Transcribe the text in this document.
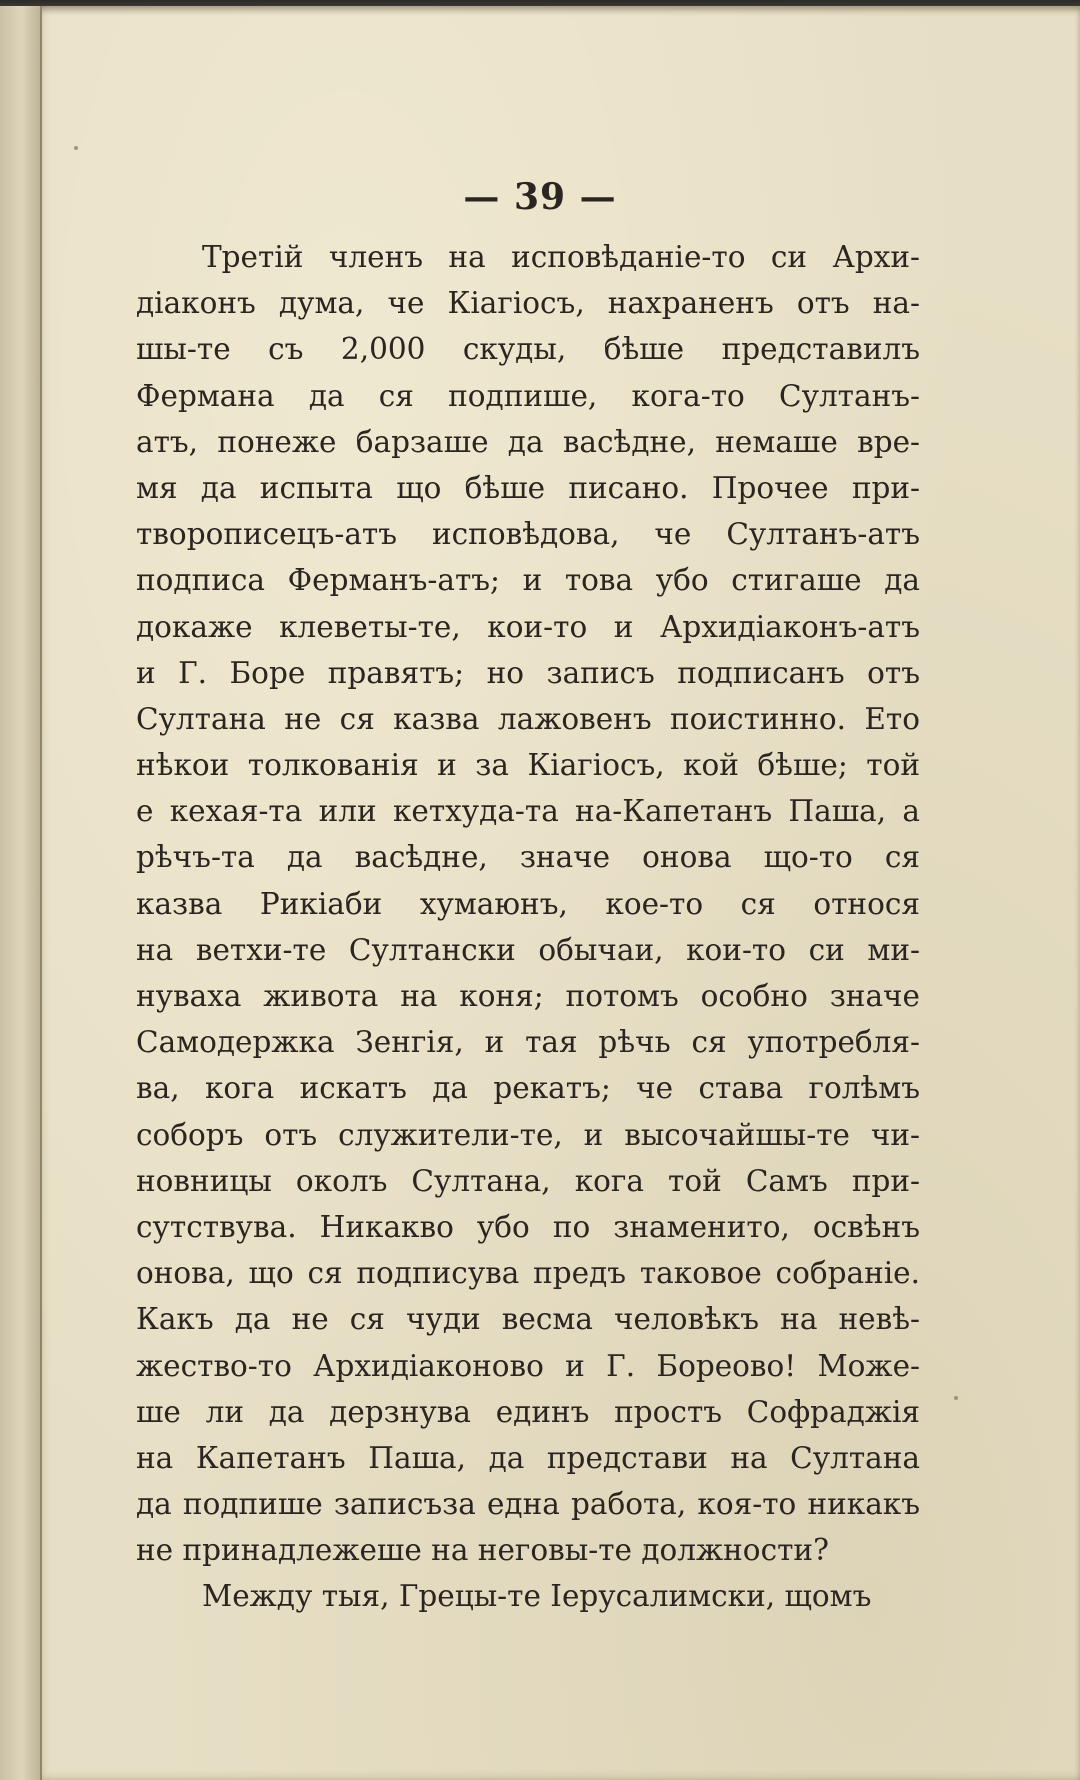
— 39 —
Третій членъ на исповѣданіе-то си Архи-
діаконъ дума, че Кіагіосъ, нахраненъ отъ на-
шы-те съ 2,000 скуды, бѣше представилъ
Фермана да ся подпише, кога-то Султанъ-
атъ, понеже барзаше да васѣдне, немаше вре-
мя да испыта що бѣше писано. Прочее при-
творописецъ-атъ исповѣдова, че Султанъ-атъ
подписа Ферманъ-атъ; и това убо стигаше да
докаже клеветы-те, кои-то и Архидіаконъ-атъ
и Г. Боре правятъ; но записъ подписанъ отъ
Султана не ся казва лажовенъ поистинно. Ето
нѣкои толкованія и за Кіагіосъ, кой бѣше; той
е кехая-та или кетхуда-та на-Капетанъ Паша, а
рѣчъ-та да васѣдне, значе онова що-то ся
казва Рикіаби хумаюнъ, кое-то ся относя
на ветхи-те Султански обычаи, кои-то си ми-
нуваха живота на коня; потомъ особно значе
Самодержка Зенгія, и тая рѣчь ся употребля-
ва, кога искатъ да рекатъ; че става голѣмъ
соборъ отъ служители-те, и высочайшы-те чи-
новницы околъ Султана, кога той Самъ при-
сутствува. Никакво убо по знаменито, освѣнъ
онова, що ся подписува предъ таковое собраніе.
Какъ да не ся чуди весма человѣкъ на невѣ-
жество-то Архидіаконово и Г. Бореово! Може-
ше ли да дерзнува единъ простъ Софраджія
на Капетанъ Паша, да представи на Султана
да подпише записъза една работа, коя-то никакъ
не принадлежеше на неговы-те должности?
Между тыя, Грецы-те Іерусалимски, щомъ
